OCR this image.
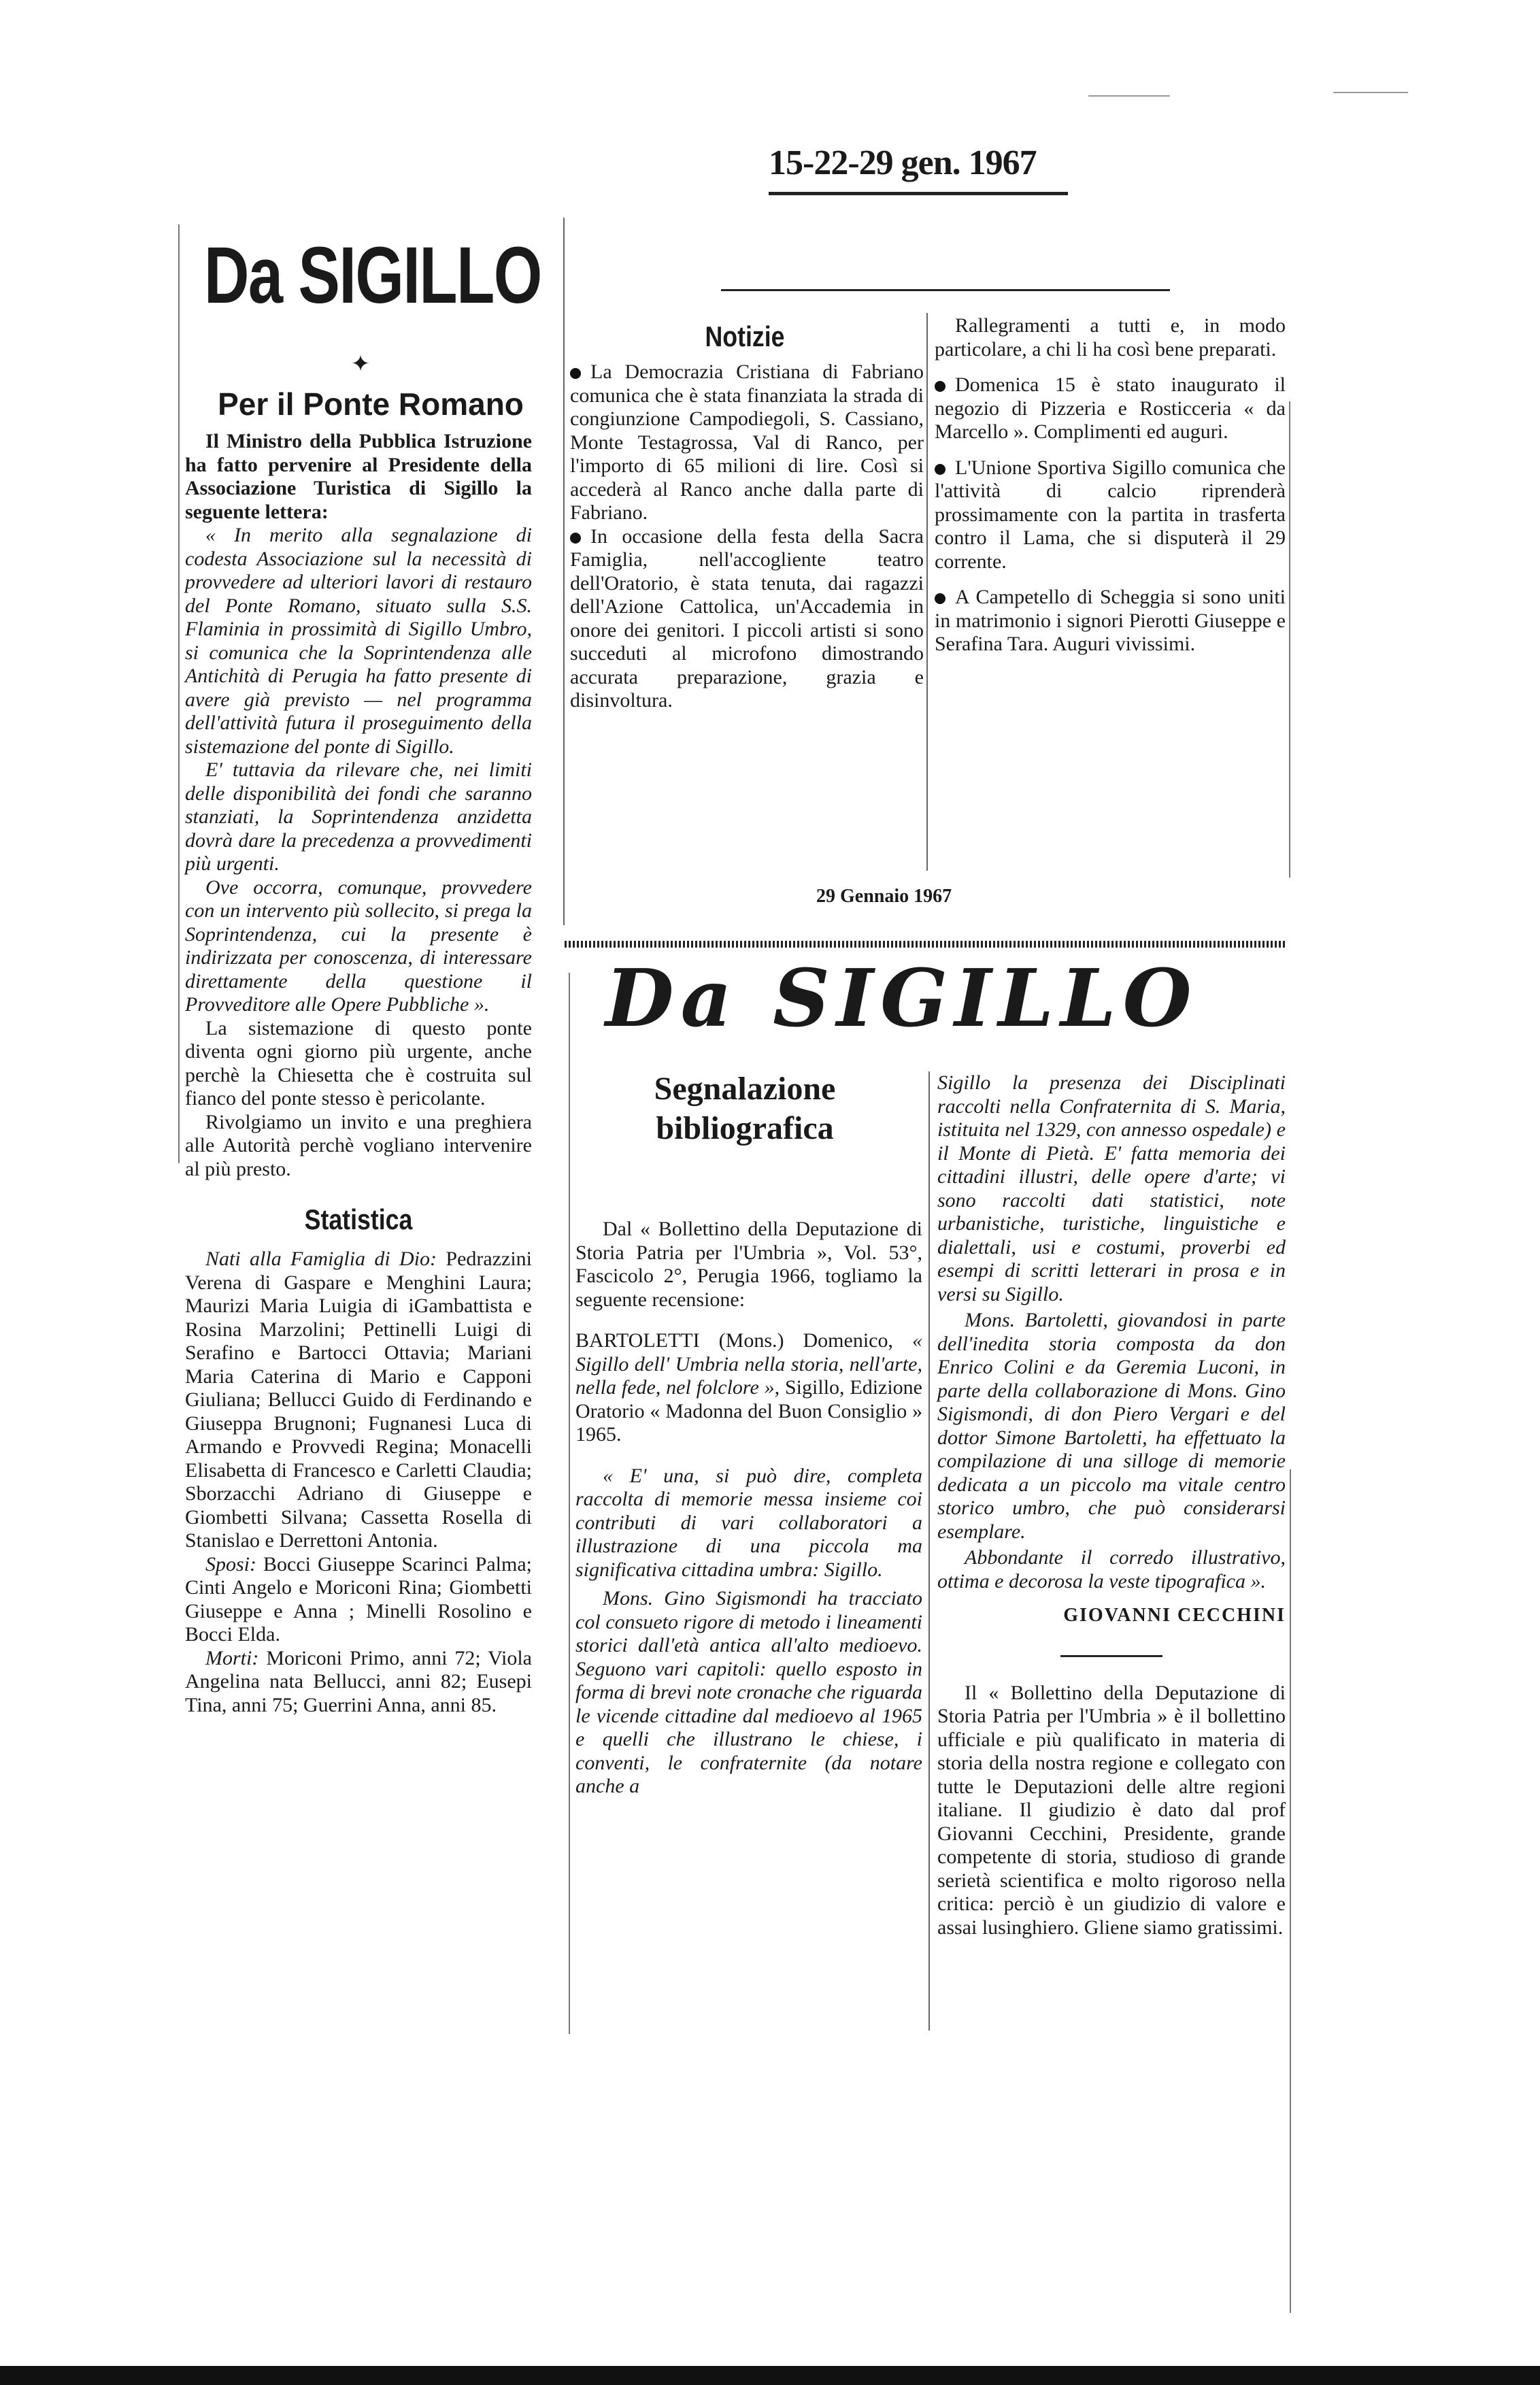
15-22-29 gen. 1967
Da SIGILLO
✦
Per il Ponte Romano

Il Ministro della Pubblica Istruzione ha fatto pervenire al Presidente della Associazione Turistica di Sigillo la seguente lettera:

« In merito alla segnalazione di codesta Associazione sul la necessità di provvedere ad ulteriori lavori di restauro del Ponte Romano, situato sulla S.S. Flaminia in prossimità di Sigillo Umbro, si comunica che la Soprintendenza alle Antichità di Perugia ha fatto presente di avere già previsto — nel programma dell'attività futura il proseguimento della sistemazione del ponte di Sigillo.

E' tuttavia da rilevare che, nei limiti delle disponibilità dei fondi che saranno stanziati, la Soprintendenza anzidetta dovrà dare la precedenza a provvedimenti più urgenti.

Ove occorra, comunque, provvedere con un intervento più sollecito, si prega la Soprintendenza, cui la presente è indirizzata per conoscenza, di interessare direttamente della questione il Provveditore alle Opere Pubbliche ».

La sistemazione di questo ponte diventa ogni giorno più urgente, anche perchè la Chiesetta che è costruita sul fianco del ponte stesso è pericolante.

Rivolgiamo un invito e una preghiera alle Autorità perchè vogliano intervenire al più presto.

Statistica

Nati alla Famiglia di Dio: Pedrazzini Verena di Gaspare e Menghini Laura; Maurizi Maria Luigia di iGambattista e Rosina Marzolini; Pettinelli Luigi di Serafino e Bartocci Ottavia; Mariani Maria Caterina di Mario e Capponi Giuliana; Bellucci Guido di Ferdinando e Giuseppa Brugnoni; Fugnanesi Luca di Armando e Provvedi Regina; Monacelli Elisabetta di Francesco e Carletti Claudia; Sborzacchi Adriano di Giuseppe e Giombetti Silvana; Cassetta Rosella di Stanislao e Derrettoni Antonia.

Sposi: Bocci Giuseppe Scarinci Palma; Cinti Angelo e Moriconi Rina; Giombetti Giuseppe e Anna ; Minelli Rosolino e Bocci Elda.

Morti: Moriconi Primo, anni 72; Viola Angelina nata Bellucci, anni 82; Eusepi Tina, anni 75; Guerrini Anna, anni 85.

Notizie

La Democrazia Cristiana di Fabriano comunica che è stata finanziata la strada di congiunzione Campodiegoli, S. Cassiano, Monte Testagrossa, Val di Ranco, per l'importo di 65 milioni di lire. Così si accederà al Ranco anche dalla parte di Fabriano.

In occasione della festa della Sacra Famiglia, nell'accogliente teatro dell'Oratorio, è stata tenuta, dai ragazzi dell'Azione Cattolica, un'Accademia in onore dei genitori. I piccoli artisti si sono succeduti al microfono dimostrando accurata preparazione, grazia e disinvoltura.

Rallegramenti a tutti e, in modo particolare, a chi li ha così bene preparati.

Domenica 15 è stato inaugurato il negozio di Pizzeria e Rosticceria « da Marcello ». Complimenti ed auguri.

L'Unione Sportiva Sigillo comunica che l'attività di calcio riprenderà prossimamente con la partita in trasferta contro il Lama, che si disputerà il 29 corrente.

A Campetello di Scheggia si sono uniti in matrimonio i signori Pierotti Giuseppe e Serafina Tara. Auguri vivissimi.

29 Gennaio 1967
Da SIGILLO
Segnalazione
bibliografica

Dal « Bollettino della Deputazione di Storia Patria per l'Umbria », Vol. 53°, Fascicolo 2°, Perugia 1966, togliamo la seguente recensione:

BARTOLETTI (Mons.) Domenico, « Sigillo dell' Umbria nella storia, nell'arte, nella fede, nel folclore », Sigillo, Edizione Oratorio « Madonna del Buon Consiglio » 1965.

« E' una, si può dire, completa raccolta di memorie messa insieme coi contributi di vari collaboratori a illustrazione di una piccola ma significativa cittadina umbra: Sigillo.

Mons. Gino Sigismondi ha tracciato col consueto rigore di metodo i lineamenti storici dall'età antica all'alto medioevo. Seguono vari capitoli: quello esposto in forma di brevi note cronache che riguarda le vicende cittadine dal medioevo al 1965 e quelli che illustrano le chiese, i conventi, le confraternite (da notare anche a

Sigillo la presenza dei Disciplinati raccolti nella Confraternita di S. Maria, istituita nel 1329, con annesso ospedale) e il Monte di Pietà. E' fatta memoria dei cittadini illustri, delle opere d'arte; vi sono raccolti dati statistici, note urbanistiche, turistiche, linguistiche e dialettali, usi e costumi, proverbi ed esempi di scritti letterari in prosa e in versi su Sigillo.

Mons. Bartoletti, giovandosi in parte dell'inedita storia composta da don Enrico Colini e da Geremia Luconi, in parte della collaborazione di Mons. Gino Sigismondi, di don Piero Vergari e del dottor Simone Bartoletti, ha effettuato la compilazione di una silloge di memorie dedicata a un piccolo ma vitale centro storico umbro, che può considerarsi esemplare.

Abbondante il corredo illustrativo, ottima e decorosa la veste tipografica ».

GIOVANNI CECCHINI

Il « Bollettino della Deputazione di Storia Patria per l'Umbria » è il bollettino ufficiale e più qualificato in materia di storia della nostra regione e collegato con tutte le Deputazioni delle altre regioni italiane. Il giudizio è dato dal prof Giovanni Cecchini, Presidente, grande competente di storia, studioso di grande serietà scientifica e molto rigoroso nella critica: perciò è un giudizio di valore e assai lusinghiero. Gliene siamo gratissimi.
